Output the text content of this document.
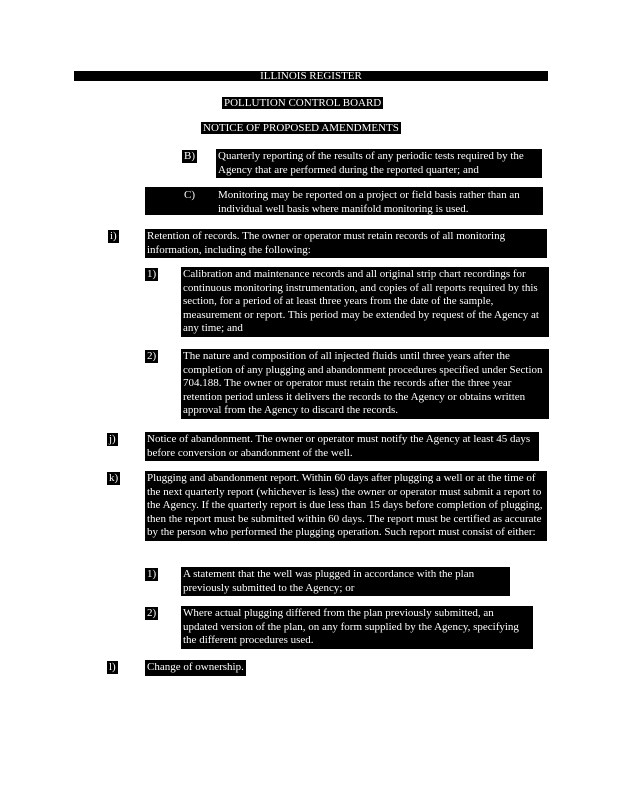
ILLINOIS REGISTER
POLLUTION CONTROL BOARD
NOTICE OF PROPOSED AMENDMENTS
B) Quarterly reporting of the results of any periodic tests required by the Agency that are performed during the reported quarter; and
C) Monitoring may be reported on a project or field basis rather than an individual well basis where manifold monitoring is used.
i)	Retention of records. The owner or operator must retain records of all monitoring information, including the following:
1) Calibration and maintenance records and all original strip chart recordings for continuous monitoring instrumentation, and copies of all reports required by this section, for a period of at least three years from the date of the sample, measurement or report. This period may be extended by request of the Agency at any time; and
2) The nature and composition of all injected fluids until three years after the completion of any plugging and abandonment procedures specified under Section 704.188. The owner or operator must retain the records after the three year retention period unless it delivers the records to the Agency or obtains written approval from the Agency to discard the records.
j)	Notice of abandonment. The owner or operator must notify the Agency at least 45 days before conversion or abandonment of the well.
k)	Plugging and abandonment report. Within 60 days after plugging a well or at the time of the next quarterly report (whichever is less) the owner or operator must submit a report to the Agency. If the quarterly report is due less than 15 days before completion of plugging, then the report must be submitted within 60 days. The report must be certified as accurate by the person who performed the plugging operation. Such report must consist of either:
1) A statement that the well was plugged in accordance with the plan previously submitted to the Agency; or
2) Where actual plugging differed from the plan previously submitted, an updated version of the plan, on any form supplied by the Agency, specifying the different procedures used.
l)	Change of ownership.
